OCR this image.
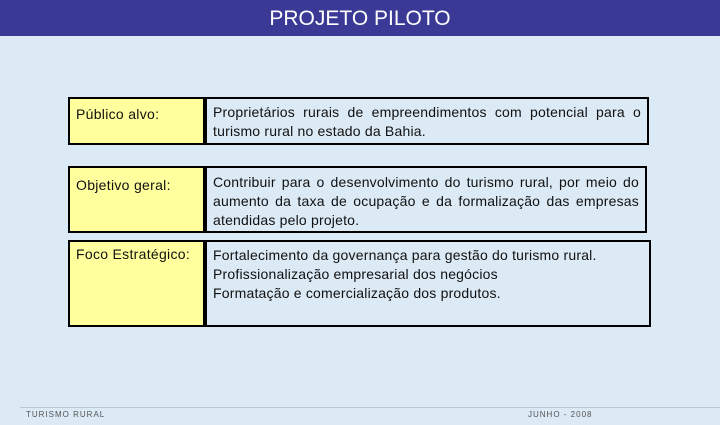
PROJETO PILOTO
Público alvo:	Proprietários rurais de empreendimentos com potencial para o turismo rural no estado da Bahia.
Objetivo geral:	Contribuir para o desenvolvimento do turismo rural, por meio do aumento da taxa de ocupação e da formalização das empresas atendidas pelo projeto.
Foco Estratégico:	Fortalecimento da governança para gestão do turismo rural.
Profissionalização empresarial dos negócios
Formatação e comercialização dos produtos.
TURISMO RURAL	JUNHO - 2008
